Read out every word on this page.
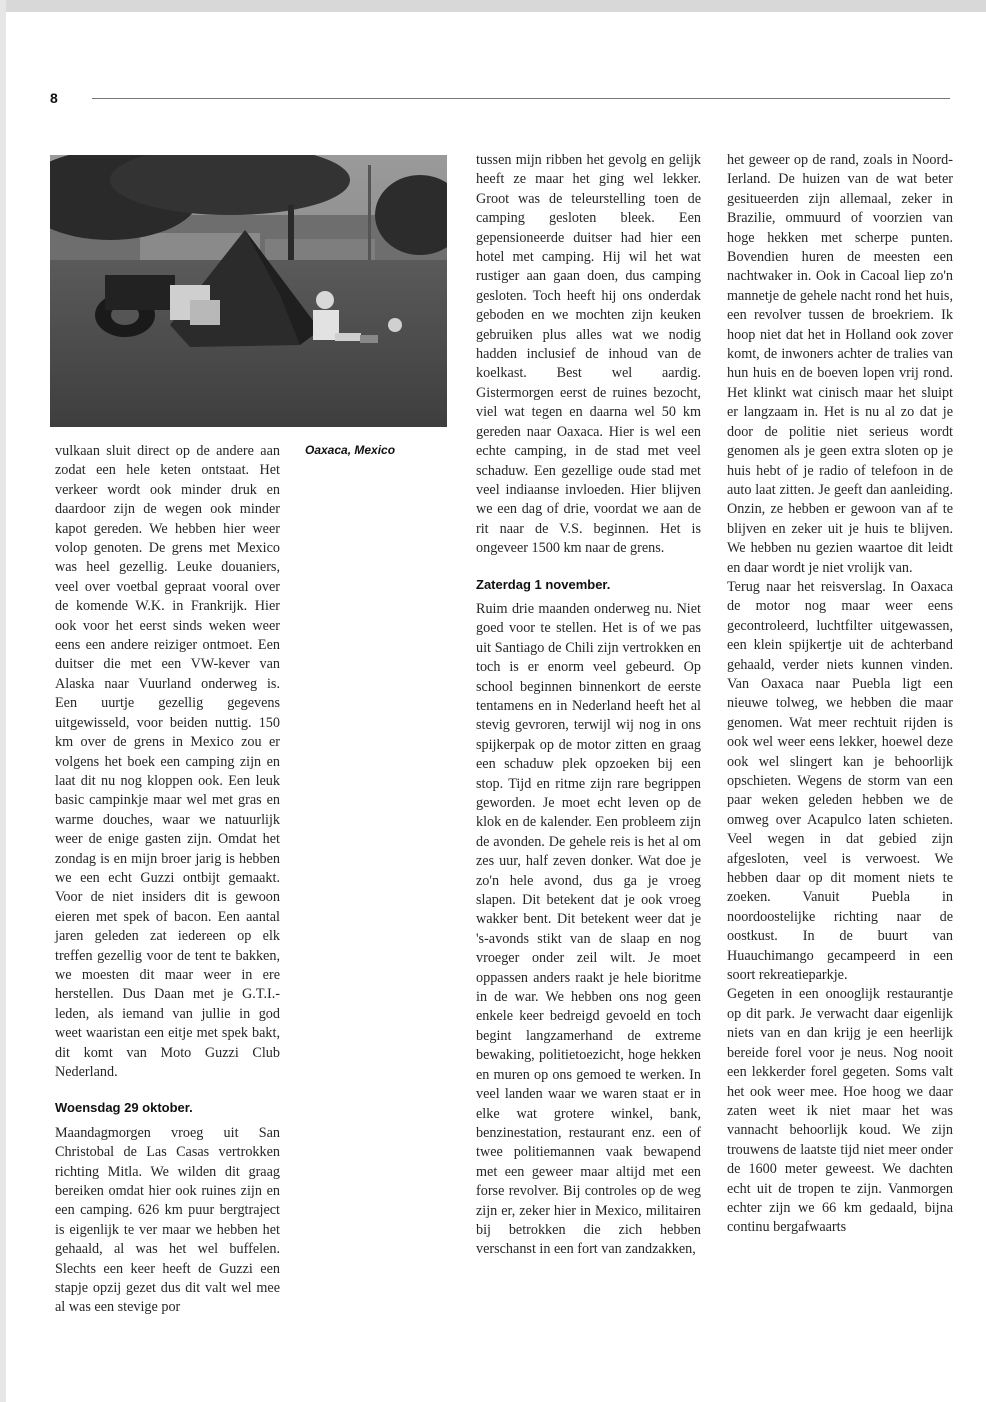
8
Oaxaca, Mexico

vulkaan sluit direct op de andere aan zodat een hele keten ontstaat. Het verkeer wordt ook minder druk en daardoor zijn de wegen ook minder kapot gereden. We hebben hier weer volop genoten. De grens met Mexico was heel gezellig. Leuke douaniers, veel over voetbal gepraat vooral over de komende W.K. in Frankrijk. Hier ook voor het eerst sinds weken weer eens een andere reiziger ontmoet. Een duitser die met een VW-kever van Alaska naar Vuurland onderweg is. Een uurtje gezellig gegevens uitgewisseld, voor beiden nuttig. 150 km over de grens in Mexico zou er volgens het boek een camping zijn en laat dit nu nog kloppen ook. Een leuk basic campinkje maar wel met gras en warme douches, waar we natuurlijk weer de enige gasten zijn. Omdat het zondag is en mijn broer jarig is hebben we een echt Guzzi ontbijt gemaakt. Voor de niet insiders dit is gewoon eieren met spek of bacon. Een aantal jaren geleden zat iedereen op elk treffen gezellig voor de tent te bakken, we moesten dit maar weer in ere herstellen. Dus Daan met je G.T.I.-leden, als iemand van jullie in god weet waaristan een eitje met spek bakt, dit komt van Moto Guzzi Club Nederland.

Woensdag 29 oktober.

Maandagmorgen vroeg uit San Christobal de Las Casas vertrokken richting Mitla. We wilden dit graag bereiken omdat hier ook ruines zijn en een camping. 626 km puur bergtraject is eigenlijk te ver maar we hebben het gehaald, al was het wel buffelen. Slechts een keer heeft de Guzzi een stapje opzij gezet dus dit valt wel mee al was een stevige por

tussen mijn ribben het gevolg en gelijk heeft ze maar het ging wel lekker. Groot was de teleurstelling toen de camping gesloten bleek. Een gepensioneerde duitser had hier een hotel met camping. Hij wil het wat rustiger aan gaan doen, dus camping gesloten. Toch heeft hij ons onderdak geboden en we mochten zijn keuken gebruiken plus alles wat we nodig hadden inclusief de inhoud van de koelkast. Best wel aardig. Gistermorgen eerst de ruines bezocht, viel wat tegen en daarna wel 50 km gereden naar Oaxaca. Hier is wel een echte camping, in de stad met veel schaduw. Een gezellige oude stad met veel indiaanse invloeden. Hier blijven we een dag of drie, voordat we aan de rit naar de V.S. beginnen. Het is ongeveer 1500 km naar de grens.

Zaterdag 1 november.

Ruim drie maanden onderweg nu. Niet goed voor te stellen. Het is of we pas uit Santiago de Chili zijn vertrokken en toch is er enorm veel gebeurd. Op school beginnen binnenkort de eerste tentamens en in Nederland heeft het al stevig gevroren, terwijl wij nog in ons spijkerpak op de motor zitten en graag een schaduw plek opzoeken bij een stop. Tijd en ritme zijn rare begrippen geworden. Je moet echt leven op de klok en de kalender. Een probleem zijn de avonden. De gehele reis is het al om zes uur, half zeven donker. Wat doe je zo'n hele avond, dus ga je vroeg slapen. Dit betekent dat je ook vroeg wakker bent. Dit betekent weer dat je 's-avonds stikt van de slaap en nog vroeger onder zeil wilt. Je moet oppassen anders raakt je hele bioritme in de war. We hebben ons nog geen enkele keer bedreigd gevoeld en toch begint langzamerhand de extreme bewaking, politietoezicht, hoge hekken en muren op ons gemoed te werken. In veel landen waar we waren staat er in elke wat grotere winkel, bank, benzinestation, restaurant enz. een of twee politiemannen vaak bewapend met een geweer maar altijd met een forse revolver. Bij controles op de weg zijn er, zeker hier in Mexico, militairen bij betrokken die zich hebben verschanst in een fort van zandzakken,

het geweer op de rand, zoals in Noord-Ierland. De huizen van de wat beter gesitueerden zijn allemaal, zeker in Brazilie, ommuurd of voorzien van hoge hekken met scherpe punten. Bovendien huren de meesten een nachtwaker in. Ook in Cacoal liep zo'n mannetje de gehele nacht rond het huis, een revolver tussen de broekriem. Ik hoop niet dat het in Holland ook zover komt, de inwoners achter de tralies van hun huis en de boeven lopen vrij rond. Het klinkt wat cinisch maar het sluipt er langzaam in. Het is nu al zo dat je door de politie niet serieus wordt genomen als je geen extra sloten op je huis hebt of je radio of telefoon in de auto laat zitten. Je geeft dan aanleiding. Onzin, ze hebben er gewoon van af te blijven en zeker uit je huis te blijven. We hebben nu gezien waartoe dit leidt en daar wordt je niet vrolijk van.

Terug naar het reisverslag. In Oaxaca de motor nog maar weer eens gecontroleerd, luchtfilter uitgewassen, een klein spijkertje uit de achterband gehaald, verder niets kunnen vinden. Van Oaxaca naar Puebla ligt een nieuwe tolweg, we hebben die maar genomen. Wat meer rechtuit rijden is ook wel weer eens lekker, hoewel deze ook wel slingert kan je behoorlijk opschieten. Wegens de storm van een paar weken geleden hebben we de omweg over Acapulco laten schieten. Veel wegen in dat gebied zijn afgesloten, veel is verwoest. We hebben daar op dit moment niets te zoeken. Vanuit Puebla in noordoostelijke richting naar de oostkust. In de buurt van Huauchimango gecampeerd in een soort rekreatieparkje.

Gegeten in een onooglijk restaurantje op dit park. Je verwacht daar eigenlijk niets van en dan krijg je een heerlijk bereide forel voor je neus. Nog nooit een lekkerder forel gegeten. Soms valt het ook weer mee. Hoe hoog we daar zaten weet ik niet maar het was vannacht behoorlijk koud. We zijn trouwens de laatste tijd niet meer onder de 1600 meter geweest. We dachten echt uit de tropen te zijn. Vanmorgen echter zijn we 66 km gedaald, bijna continu bergafwaarts
